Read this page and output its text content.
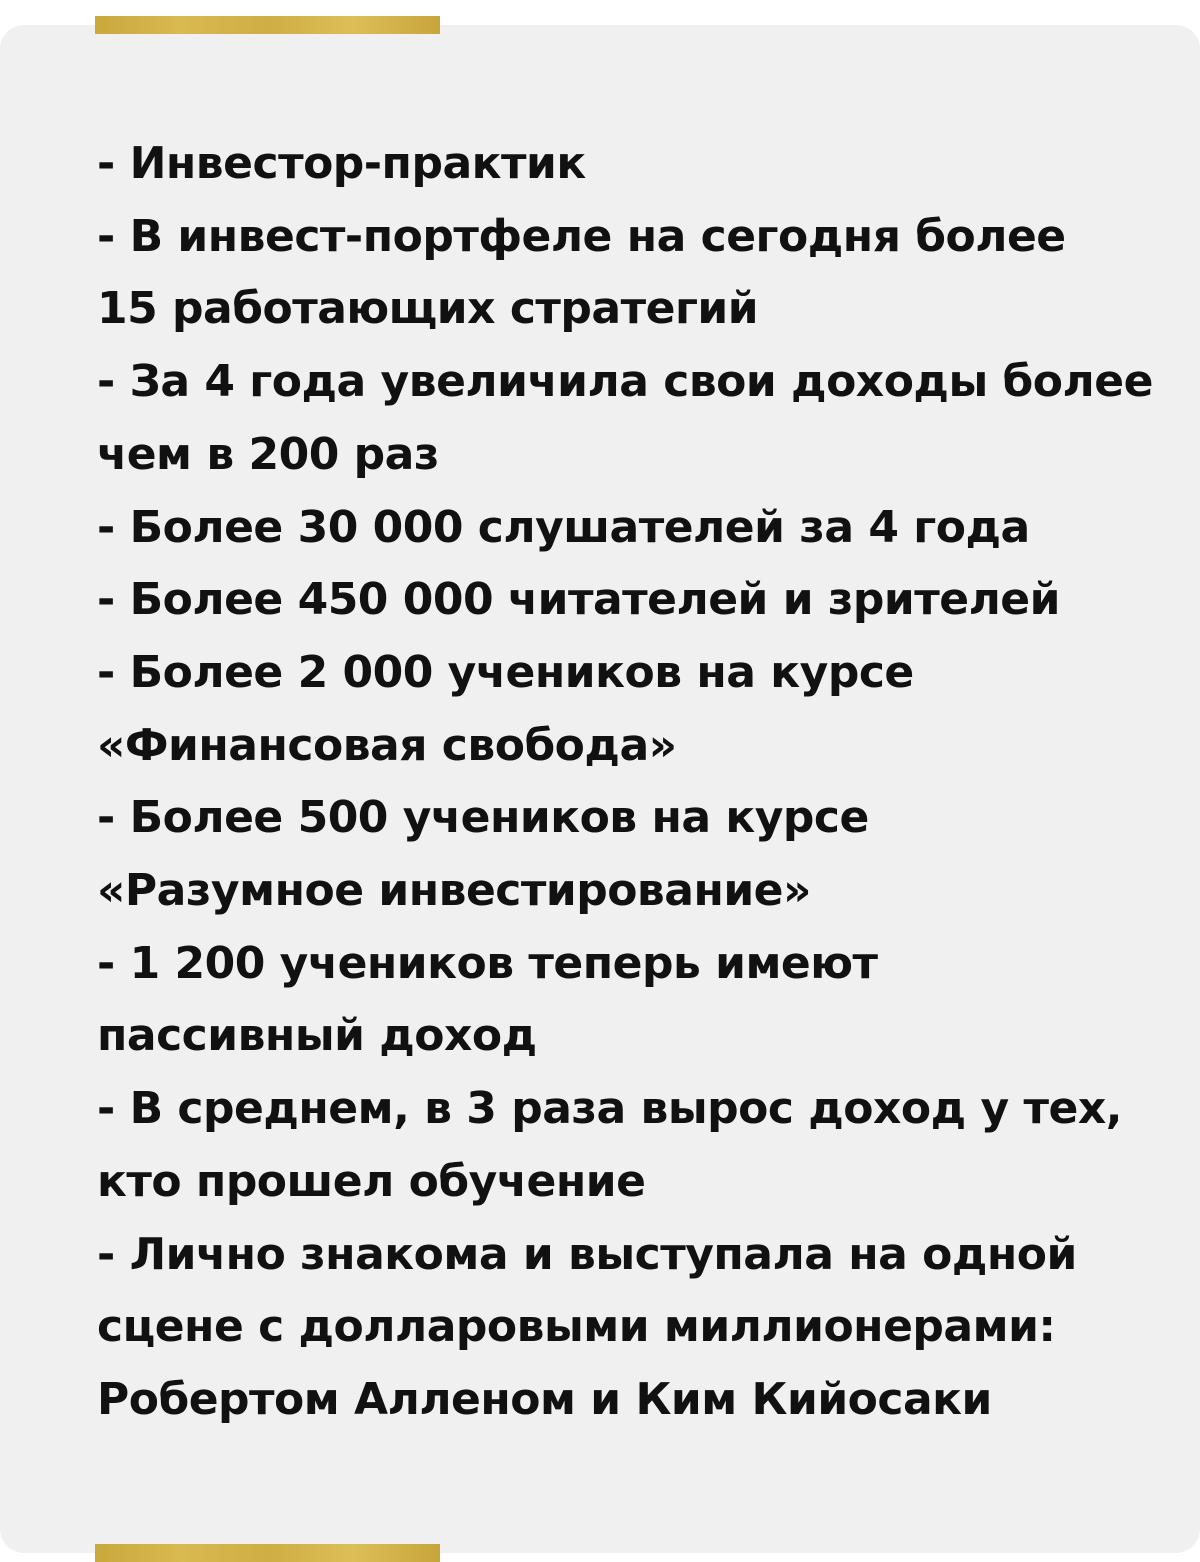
- Инвестор-практик
- В инвест-портфеле на сегодня более
15 работающих стратегий
- За 4 года увеличила свои доходы более
чем в 200 раз
- Более 30 000 слушателей за 4 года
- Более 450 000 читателей и зрителей
- Более 2 000 учеников на курсе
«Финансовая свобода»
- Более 500 учеников на курсе
«Разумное инвестирование»
- 1 200 учеников теперь имеют
пассивный доход
- В среднем, в 3 раза вырос доход у тех,
кто прошел обучение
- Лично знакома и выступала на одной
сцене с долларовыми миллионерами:
Робертом Алленом и Ким Кийосаки
